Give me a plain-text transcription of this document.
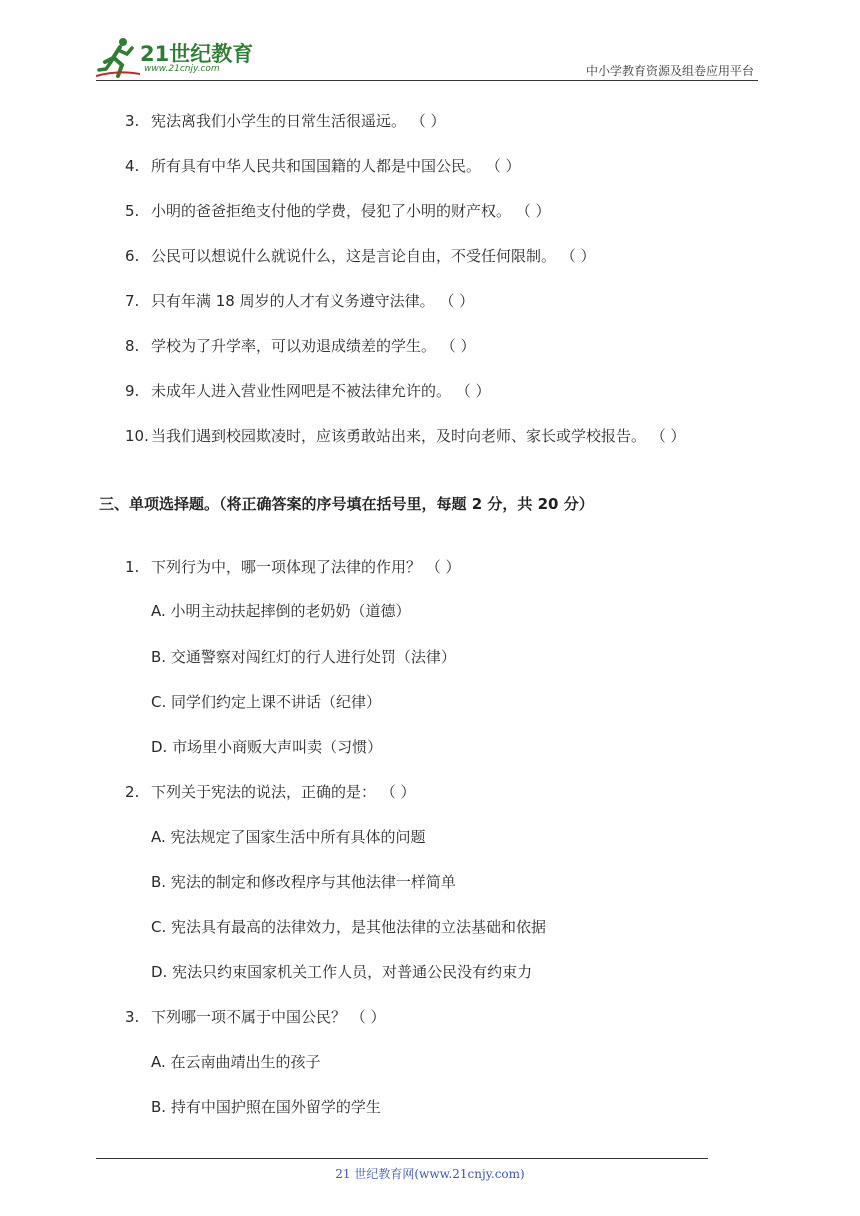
21世纪教育
www.21cnjy.com	中小学教育资源及组卷应用平台
3. 宪法离我们小学生的日常生活很遥远。 （ ）
4. 所有具有中华人民共和国国籍的人都是中国公民。 （ ）
5. 小明的爸爸拒绝支付他的学费，侵犯了小明的财产权。 （ ）
6. 公民可以想说什么就说什么，这是言论自由，不受任何限制。 （ ）
7. 只有年满 18 周岁的人才有义务遵守法律。 （ ）
8. 学校为了升学率，可以劝退成绩差的学生。 （ ）
9. 未成年人进入营业性网吧是不被法律允许的。 （ ）
10. 当我们遇到校园欺凌时，应该勇敢站出来，及时向老师、家长或学校报告。 （ ）
三、单项选择题。（将正确答案的序号填在括号里，每题 2 分，共 20 分）
1. 下列行为中，哪一项体现了法律的作用？ （ ）
A. 小明主动扶起摔倒的老奶奶（道德）
B. 交通警察对闯红灯的行人进行处罚（法律）
C. 同学们约定上课不讲话（纪律）
D. 市场里小商贩大声叫卖（习惯）
2. 下列关于宪法的说法，正确的是： （ ）
A. 宪法规定了国家生活中所有具体的问题
B. 宪法的制定和修改程序与其他法律一样简单
C. 宪法具有最高的法律效力，是其他法律的立法基础和依据
D. 宪法只约束国家机关工作人员，对普通公民没有约束力
3. 下列哪一项不属于中国公民？ （ ）
A. 在云南曲靖出生的孩子
B. 持有中国护照在国外留学的学生
21 世纪教育网(www.21cnjy.com)
